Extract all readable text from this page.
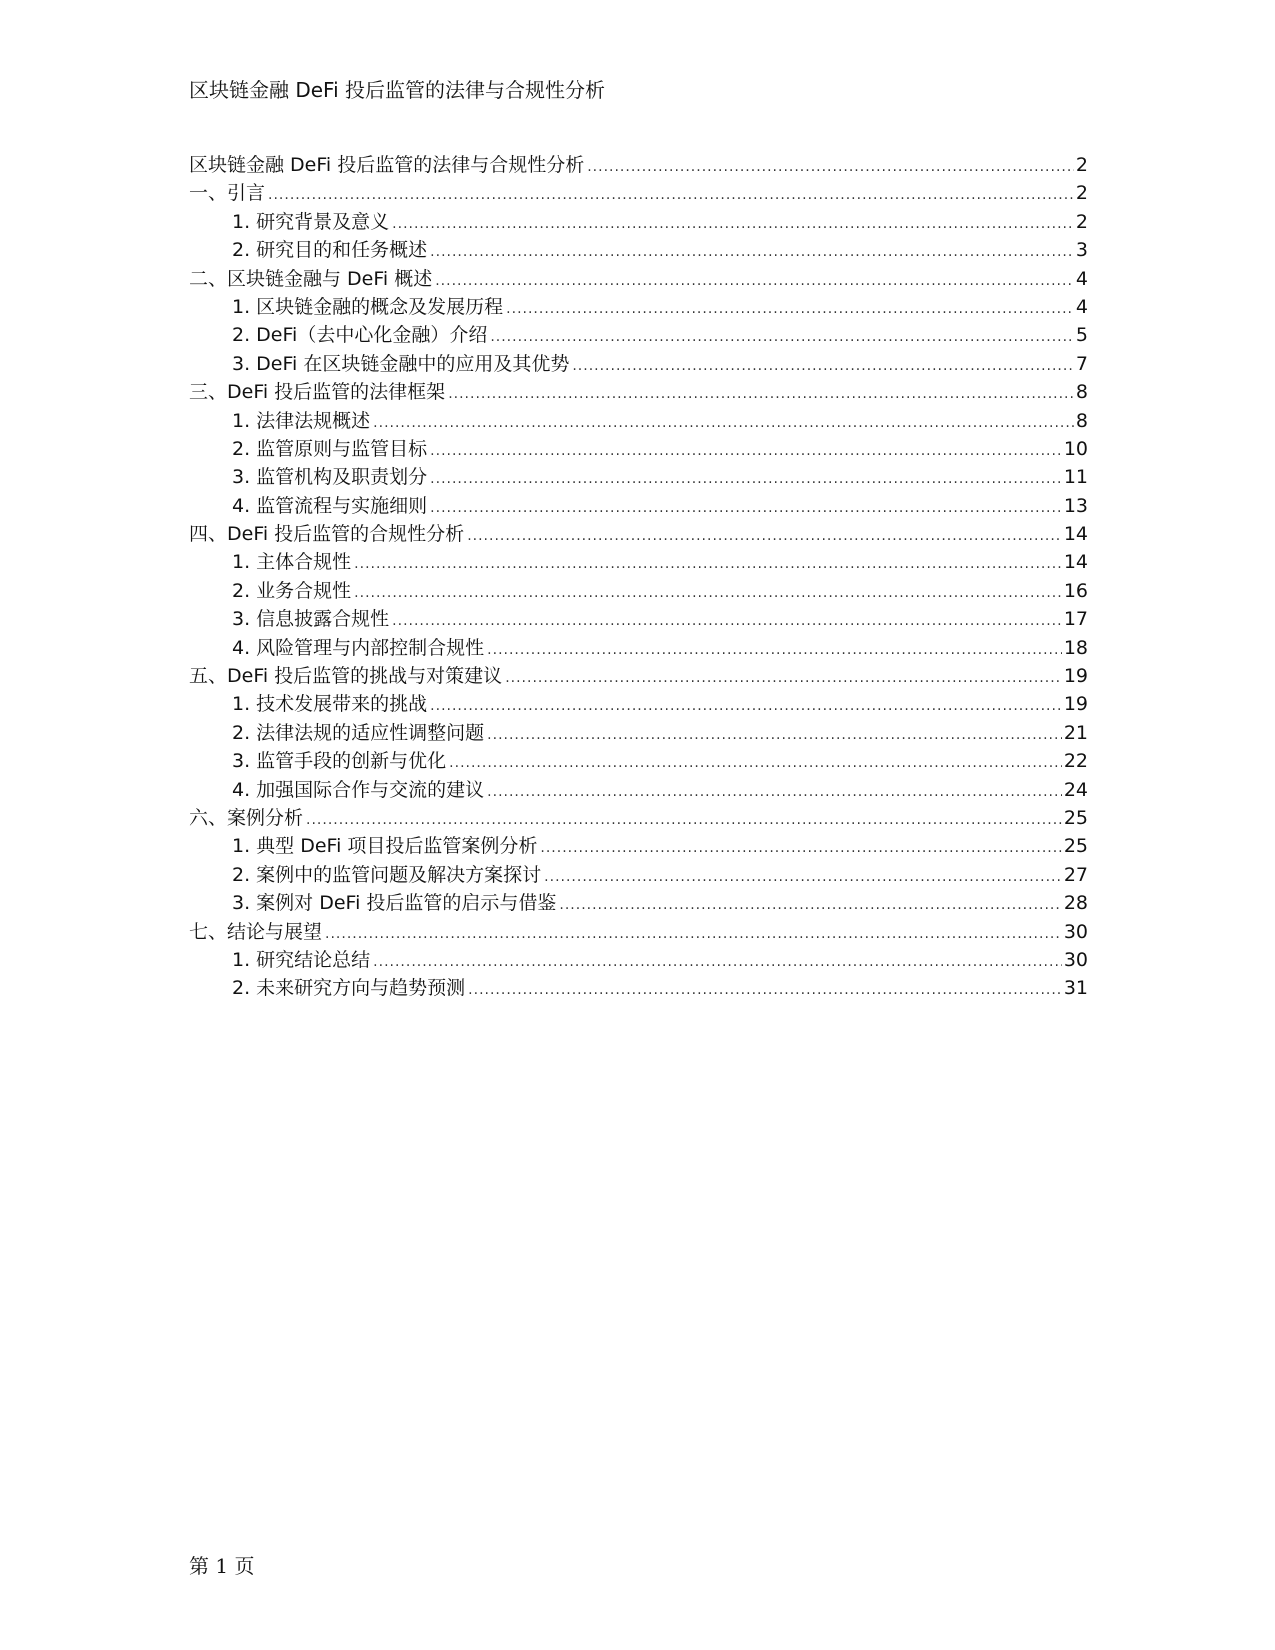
区块链金融 DeFi 投后监管的法律与合规性分析
区块链金融 DeFi 投后监管的法律与合规性分析 .....	2
一、引言 .....	2
1. 研究背景及意义 .....	2
2. 研究目的和任务概述 .....	3
二、区块链金融与 DeFi 概述 .....	4
1. 区块链金融的概念及发展历程 .....	4
2. DeFi（去中心化金融）介绍 .....	5
3. DeFi 在区块链金融中的应用及其优势 .....	7
三、DeFi 投后监管的法律框架 .....	8
1. 法律法规概述 .....	8
2. 监管原则与监管目标 .....	10
3. 监管机构及职责划分 .....	11
4. 监管流程与实施细则 .....	13
四、DeFi 投后监管的合规性分析 .....	14
1. 主体合规性 .....	14
2. 业务合规性 .....	16
3. 信息披露合规性 .....	17
4. 风险管理与内部控制合规性 .....	18
五、DeFi 投后监管的挑战与对策建议 .....	19
1. 技术发展带来的挑战 .....	19
2. 法律法规的适应性调整问题 .....	21
3. 监管手段的创新与优化 .....	22
4. 加强国际合作与交流的建议 .....	24
六、案例分析 .....	25
1. 典型 DeFi 项目投后监管案例分析 .....	25
2. 案例中的监管问题及解决方案探讨 .....	27
3. 案例对 DeFi 投后监管的启示与借鉴 .....	28
七、结论与展望 .....	30
1. 研究结论总结 .....	30
2. 未来研究方向与趋势预测 .....	31
第 1 页
